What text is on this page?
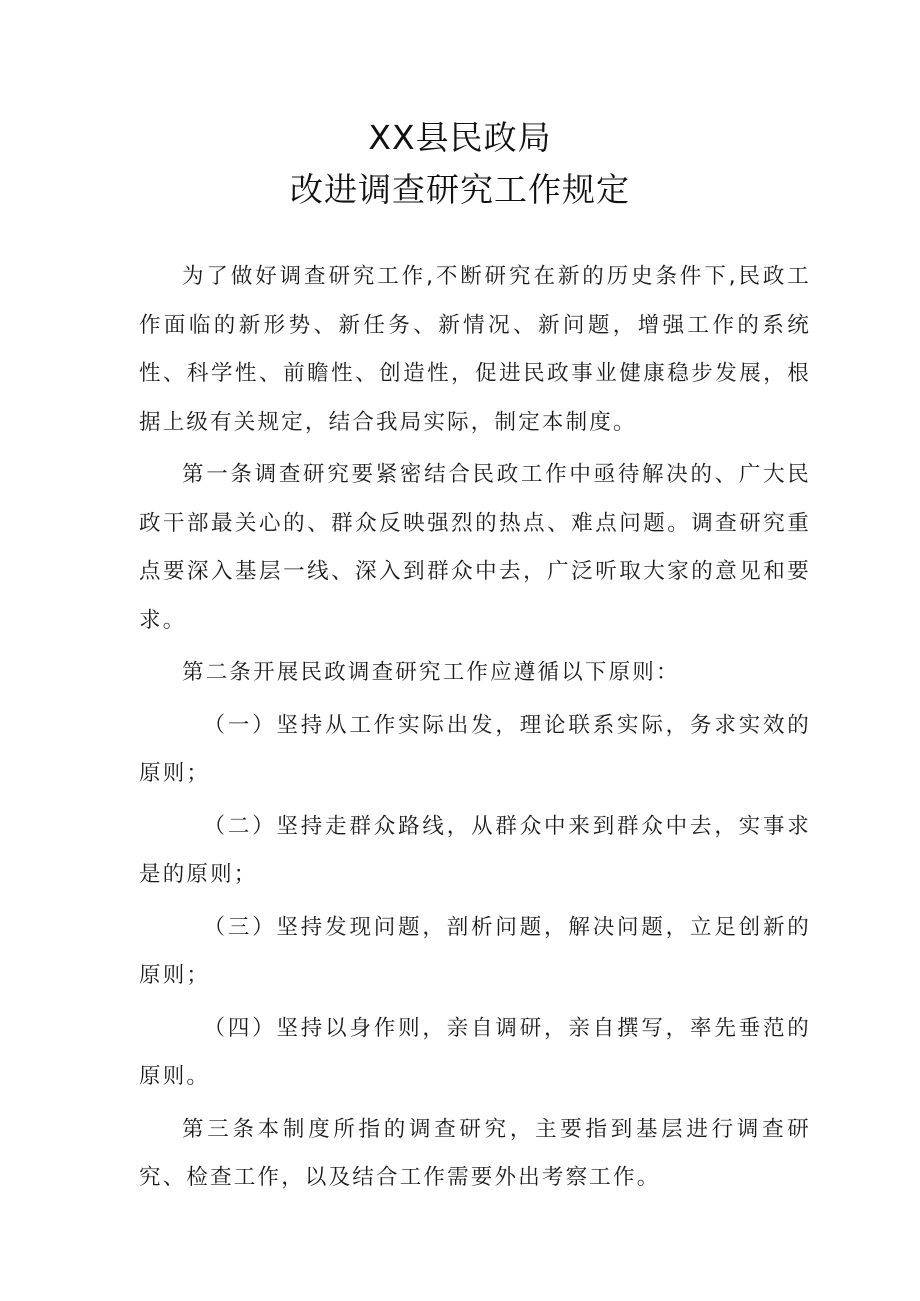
XX县民政局
改进调查研究工作规定

为了做好调查研究工作,不断研究在新的历史条件下,民政工作面临的新形势、新任务、新情况、新问题，增强工作的系统性、科学性、前瞻性、创造性，促进民政事业健康稳步发展，根据上级有关规定，结合我局实际，制定本制度。

第一条调查研究要紧密结合民政工作中亟待解决的、广大民政干部最关心的、群众反映强烈的热点、难点问题。调查研究重点要深入基层一线、深入到群众中去，广泛听取大家的意见和要求。

第二条开展民政调查研究工作应遵循以下原则：

（一）坚持从工作实际出发，理论联系实际，务求实效的原则；

（二）坚持走群众路线，从群众中来到群众中去，实事求是的原则；

（三）坚持发现问题，剖析问题，解决问题，立足创新的原则；

（四）坚持以身作则，亲自调研，亲自撰写，率先垂范的原则。

第三条本制度所指的调查研究，主要指到基层进行调查研究、检查工作，以及结合工作需要外出考察工作。
